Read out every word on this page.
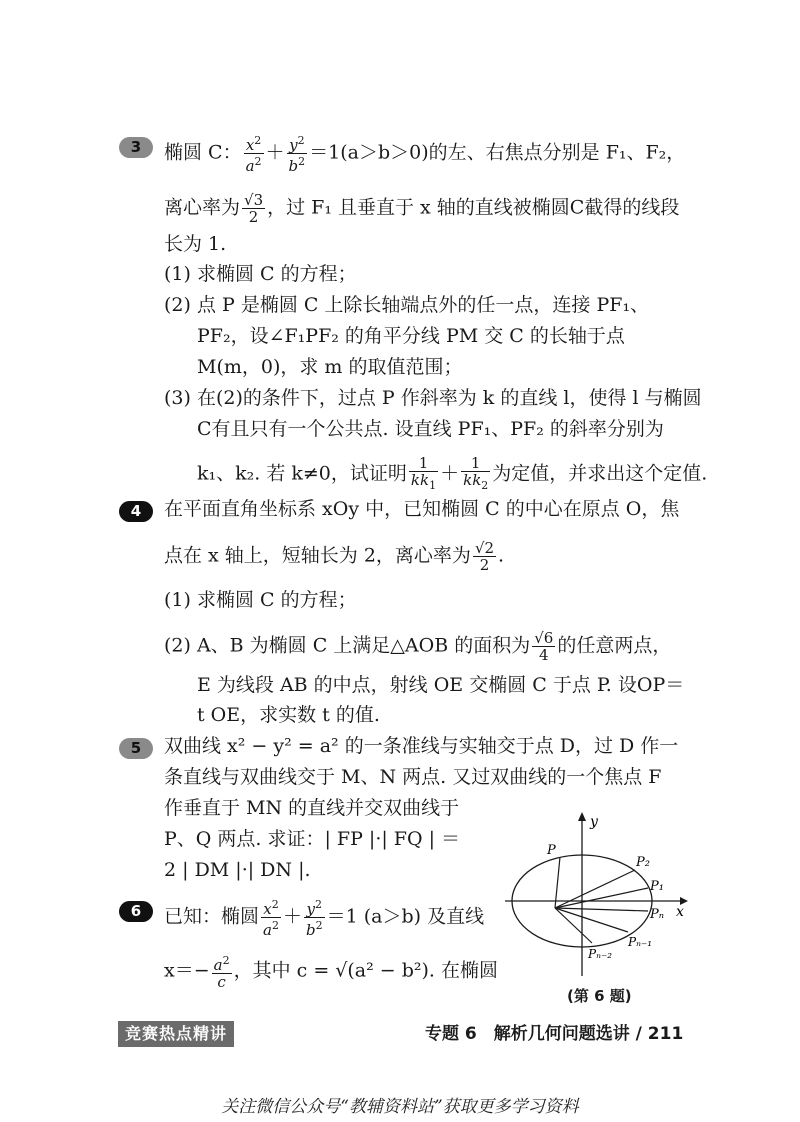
3	椭圆 C： $\frac{x^2}{a^2} + \frac{y^2}{b^2} =1(a>b>0)$的左、右焦点分别是 F₁、F₂，
离心率为 $\frac{√3}{2}$ ，过 F₁ 且垂直于 x 轴的直线被椭圆C截得的线段
长为 1.
(1) 求椭圆 C 的方程；
(2) 点 P 是椭圆 C 上除长轴端点外的任一点，连接 PF₁、
PF₂，设∠F₁PF₂ 的角平分线 PM 交 C 的长轴于点
M(m，0)，求 m 的取值范围；
(3) 在(2)的条件下，过点 P 作斜率为 k 的直线 l，使得 l 与椭圆
C有且只有一个公共点. 设直线 PF₁、PF₂ 的斜率分别为
k₁、k₂. 若 k≠0，试证明 $\frac{1}{kk_1} + \frac{1}{kk_2}$ 为定值，并求出这个定值.
4	在平面直角坐标系 xOy 中，已知椭圆 C 的中心在原点 O，焦
点在 x 轴上，短轴长为 2，离心率为 $\frac{√2}{2}$ .
(1) 求椭圆 C 的方程；
(2) A、B 为椭圆 C 上满足△AOB 的面积为 $\frac{√6}{4}$ 的任意两点，
E 为线段 AB 的中点，射线 OE 交椭圆 C 于点 P. 设OP＝
t OE，求实数 t 的值.
5	双曲线 x² − y² = a² 的一条准线与实轴交于点 D，过 D 作一
条直线与双曲线交于 M、N 两点. 又过双曲线的一个焦点 F
作垂直于 MN 的直线并交双曲线于
P、Q 两点. 求证：| FP |·| FQ | ＝
2 | DM |·| DN |.
6	已知：椭圆 $\frac{x^2}{a^2} + \frac{y^2}{b^2} =1$ (a＞b) 及直线
$x=- \frac{a^2}{c}$ ，其中 c = √(a² − b²). 在椭圆
y
x
P
P₂
P₁
Pₙ
Pₙ₋₁
Pₙ₋₂
(第 6 题)
竞赛热点精讲	专题 6　解析几何问题选讲 / 211
关注微信公众号“教辅资料站”获取更多学习资料
